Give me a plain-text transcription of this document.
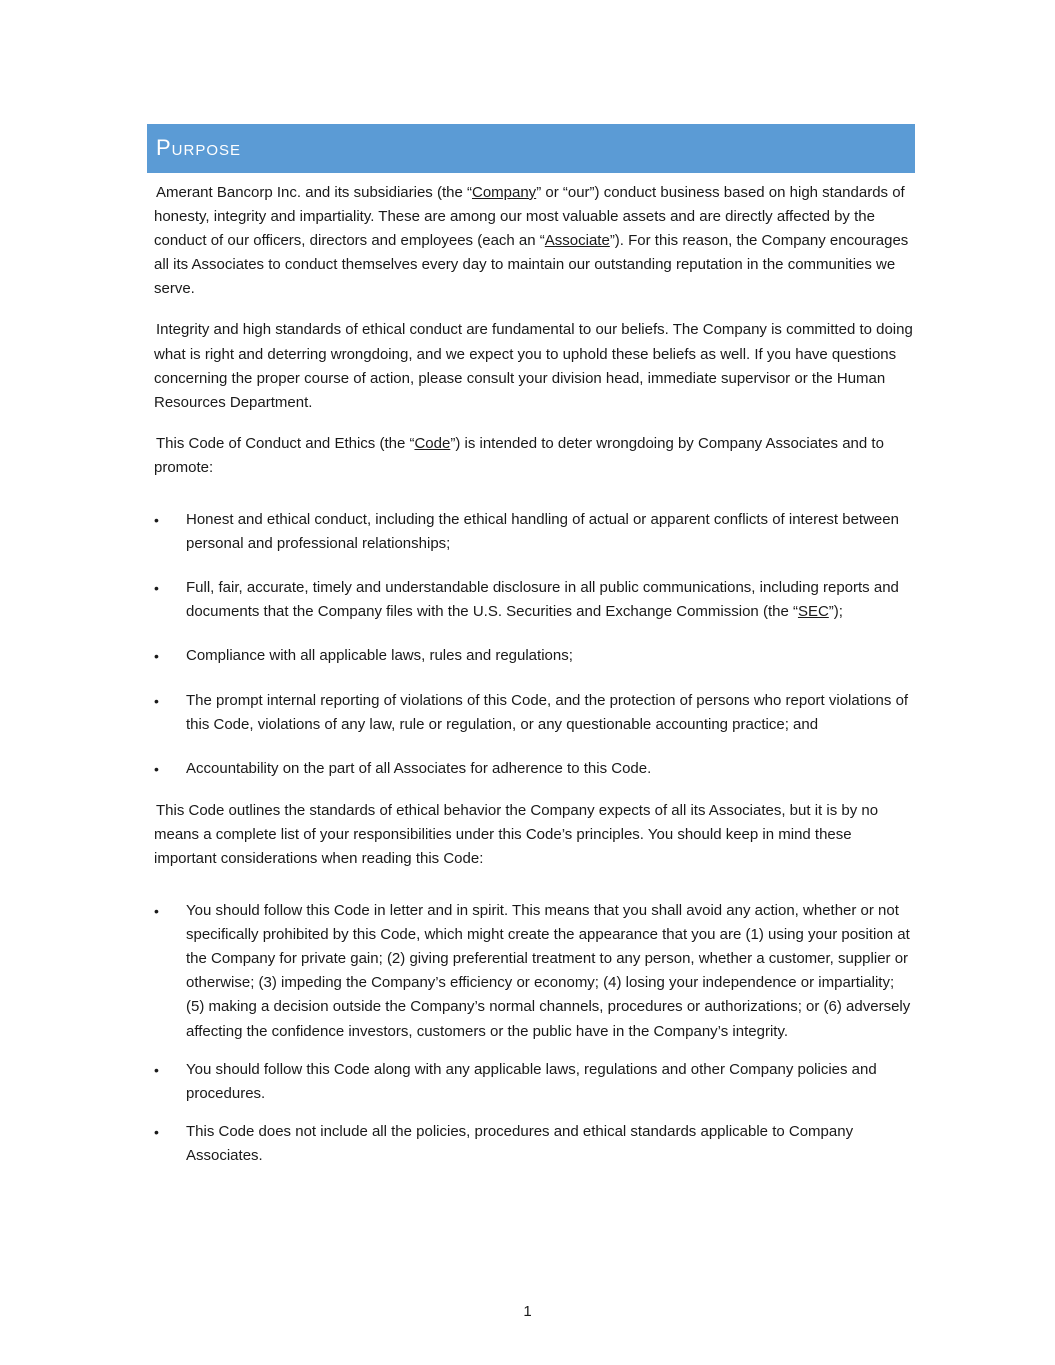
Purpose

Amerant Bancorp Inc. and its subsidiaries (the “Company” or “our”) conduct business based on high standards of honesty, integrity and impartiality. These are among our most valuable assets and are directly affected by the conduct of our officers, directors and employees (each an “Associate”). For this reason, the Company encourages all its Associates to conduct themselves every day to maintain our outstanding reputation in the communities we serve.

Integrity and high standards of ethical conduct are fundamental to our beliefs. The Company is committed to doing what is right and deterring wrongdoing, and we expect you to uphold these beliefs as well. If you have questions concerning the proper course of action, please consult your division head, immediate supervisor or the Human Resources Department.

This Code of Conduct and Ethics (the “Code”) is intended to deter wrongdoing by Company Associates and to promote:

• Honest and ethical conduct, including the ethical handling of actual or apparent conflicts of interest between personal and professional relationships;
• Full, fair, accurate, timely and understandable disclosure in all public communications, including reports and documents that the Company files with the U.S. Securities and Exchange Commission (the “SEC”);
• Compliance with all applicable laws, rules and regulations;
• The prompt internal reporting of violations of this Code, and the protection of persons who report violations of this Code, violations of any law, rule or regulation, or any questionable accounting practice; and
• Accountability on the part of all Associates for adherence to this Code.

This Code outlines the standards of ethical behavior the Company expects of all its Associates, but it is by no means a complete list of your responsibilities under this Code’s principles. You should keep in mind these important considerations when reading this Code:

• You should follow this Code in letter and in spirit. This means that you shall avoid any action, whether or not specifically prohibited by this Code, which might create the appearance that you are (1) using your position at the Company for private gain; (2) giving preferential treatment to any person, whether a customer, supplier or otherwise; (3) impeding the Company’s efficiency or economy; (4) losing your independence or impartiality; (5) making a decision outside the Company’s normal channels, procedures or authorizations; or (6) adversely affecting the confidence investors, customers or the public have in the Company’s integrity.
• You should follow this Code along with any applicable laws, regulations and other Company policies and procedures.
• This Code does not include all the policies, procedures and ethical standards applicable to Company Associates.
1
